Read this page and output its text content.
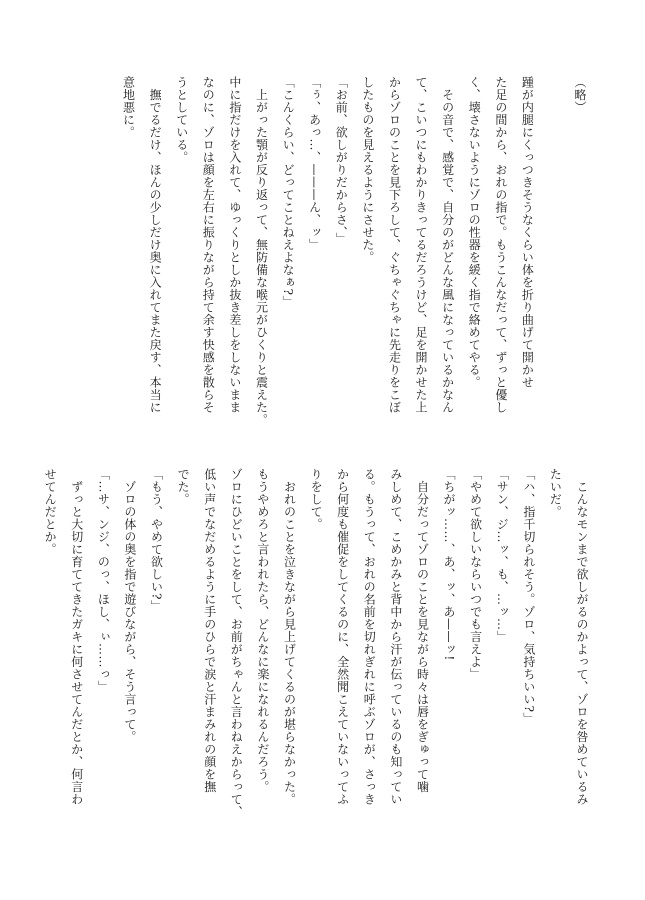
（略）
踵が内腿にくっつきそうなくらい体を折り曲げて開かせ
た足の間から、おれの指で。もうこんなだって、ずっと優し
く、壊さないようにゾロの性器を緩く指で絡めてやる。
　その音で、感覚で、自分のがどんな風になっているかなん
て、こいつにもわかりきってるだろうけど、足を開かせた上
からゾロのことを見下ろして、ぐちゃぐちゃに先走りをこぼ
したものを見えるようにさせた。
「お前、欲しがりだからさ、」
「ぅ、あっ…、———ん、ッ」
「こんくらい、どってことねえよなぁ?」
　上がった顎が反り返って、無防備な喉元がひくりと震えた。
中に指だけを入れて、ゆっくりとしか抜き差しをしないまま
なのに、ゾロは顔を左右に振りながら持て余す快感を散らそ
うとしている。
　撫でるだけ、ほんの少しだけ奥に入れてまた戻す、本当に
意地悪に。
　こんなモンまで欲しがるのかよって、ゾロを咎めているみ
たいだ。
「ハ、指千切られそう。ゾロ、気持ちいい?」
「サン、ジ…ッ、も、…ッ…」
「やめて欲しいならいつでも言えよ」
「ちがッ……、あ、ッ、あ——ッ!
　自分だってゾロのことを見ながら時々は唇をぎゅって噛
みしめて、こめかみと背中から汗が伝っているのも知ってい
る。もうって、おれの名前を切れぎれに呼ぶゾロが、さっき
から何度も催促をしてくるのに、全然聞こえていないってふ
りをして。
　おれのことを泣きながら見上げてくるのが堪らなかった。
もうやめろと言われたら、どんなに楽になれるんだろう。
ゾロにひどいことをして、お前がちゃんと言わねえからって、
低い声でなだめるように手のひらで涙と汗まみれの顔を撫
でた。
「もう、やめて欲しい?」
　ゾロの体の奥を指で遊びながら、そう言って。
「…サ、ンジ、のっ、ほし、ぃ……っ」
　ずっと大切に育ててきたガキに何させてんだとか、何言わ
せてんだとか。
